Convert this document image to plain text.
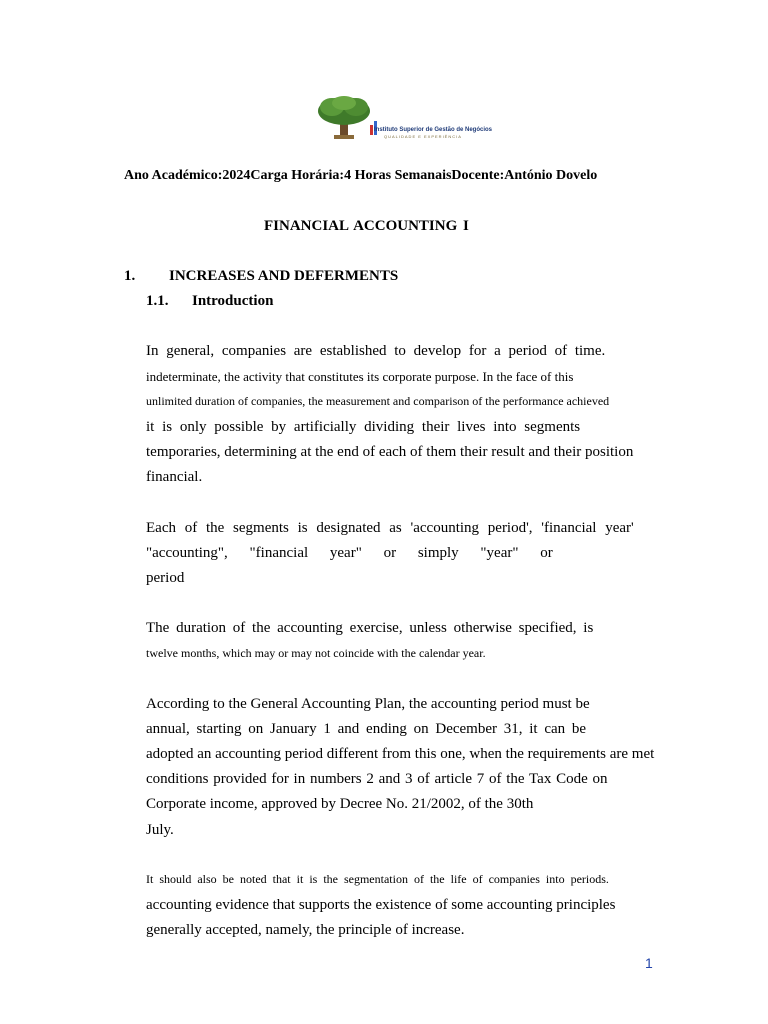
Instituto Superior de Gestão de Negócios
QUALIDADE E EXPERIÊNCIA
Ano Académico:2024Carga Horária:4 Horas SemanaisDocente:António Dovelo
FINANCIAL ACCOUNTING I
1. INCREASES AND DEFERMENTS
1.1. Introduction
In general, companies are established to develop for a period of time.
indeterminate, the activity that constitutes its corporate purpose. In the face of this
unlimited duration of companies, the measurement and comparison of the performance achieved
it is only possible by artificially dividing their lives into segments
temporaries, determining at the end of each of them their result and their position
financial.
Each of the segments is designated as 'accounting period', 'financial year'
"accounting", "financial year" or simply "year" or
period
The duration of the accounting exercise, unless otherwise specified, is
twelve months, which may or may not coincide with the calendar year.
According to the General Accounting Plan, the accounting period must be
annual, starting on January 1 and ending on December 31, it can be
adopted an accounting period different from this one, when the requirements are met
conditions provided for in numbers 2 and 3 of article 7 of the Tax Code on
Corporate income, approved by Decree No. 21/2002, of the 30th
July.
It should also be noted that it is the segmentation of the life of companies into periods.
accounting evidence that supports the existence of some accounting principles
generally accepted, namely, the principle of increase.
1
